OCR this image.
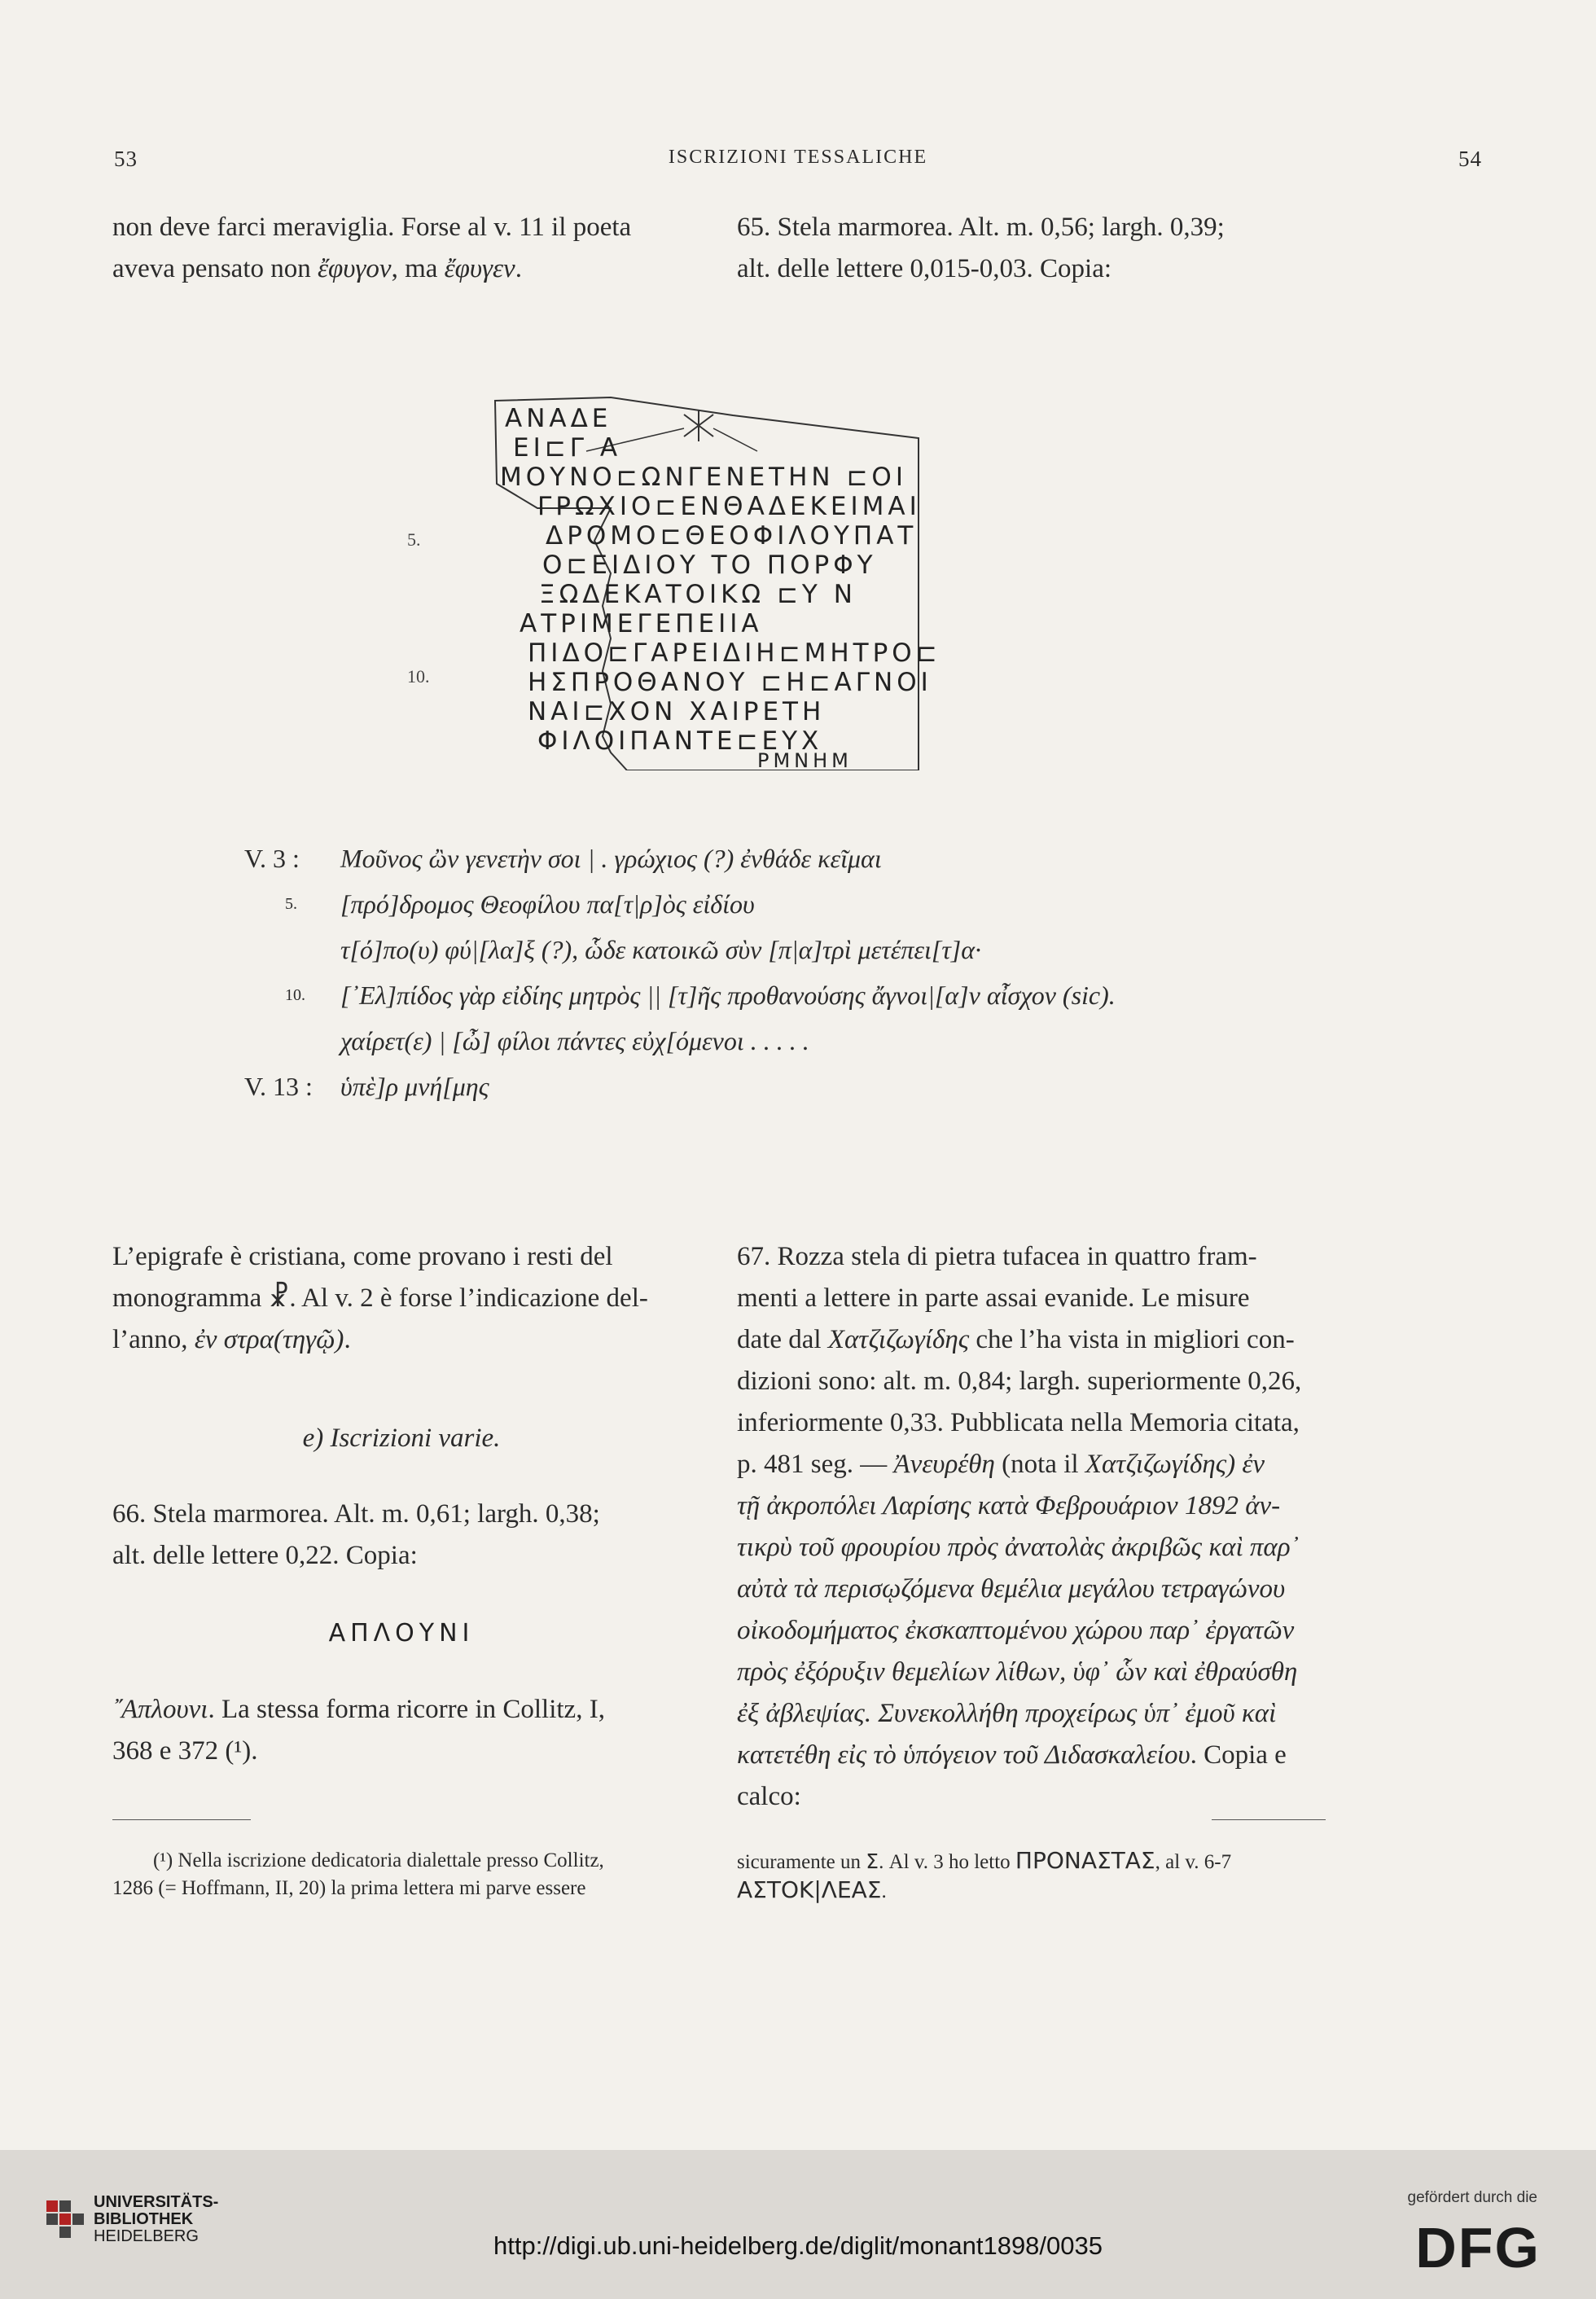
53	ISCRIZIONI TESSALICHE	54

non deve farci meraviglia. Forse al v. 11 il poeta

aveva pensato non ἔφυγον, ma ἔφυγεν.

65. Stela marmorea. Alt. m. 0,56; largh. 0,39;

alt. delle lettere 0,015-0,03. Copia:

ΑΝΑΔΕ
ΕΙ⊏Γ Α
ΜΟΥΝΟ⊏ΩΝΓΕΝΕΤΗΝ ⊏ΟΙ
ΓΡΩΧΙΟ⊏ΕΝΘΑΔΕΚΕΙΜΑΙ
ΔΡΟΜΟ⊏ΘΕΟΦΙΛΟΥΠΑΤ
Ο⊏ΕΙΔΙΟΥ ΤΟ ΠΟΡΦΥ
ΞΩΔΕΚΑΤΟΙΚΩ ⊏Υ Ν
ΑΤΡΙΜΕΓΕΠΕΙΙΑ
ΠΙΔΟ⊏ΓΑΡΕΙΔΙΗ⊏ΜΗΤΡΟ⊏
ΗΣΠΡΟΘΑΝΟΥ ⊏Η⊏ΑΓΝΟΙ
ΝΑΙ⊏ΧΟΝ ΧΑΙΡΕΤΗ
ΦΙΛΟΙΠΑΝΤΕ⊏ΕΥΧ
ΡΜΝΗΜ
5.
10.
V. 3 : Μοῦνος ὢν γενετὴν σοι | . γρώχιος (?) ἐνθάδε κεῖμαι
5. [πρό]δρομος Θεοφίλου πα[τ|ρ]ὸς εἰδίου
τ[ό]πο(υ) φύ|[λα]ξ (?), ὧδε κατοικῶ σὺν [π|α]τρὶ μετέπει[τ]α·
10. [᾿Ελ]πίδος γὰρ εἰδίης μητρὸς || [τ]ῆς προθανούσης ἄγνοι|[α]ν αἶσχον (sic).
χαίρετ(ε) | [ὦ] φίλοι πάντες εὐχ[όμενοι . . . . .
V. 13 : ὑπὲ]ρ μνή[μης

L’epigrafe è cristiana, come provano i resti del

monogramma ☧. Al v. 2 è forse l’indicazione del-

l’anno, ἐν στρα(τηγῷ).

e) Iscrizioni varie.

66. Stela marmorea. Alt. m. 0,61; largh. 0,38;

alt. delle lettere 0,22. Copia:

ΑΠΛΟΥΝΙ

῎Απλουνι. La stessa forma ricorre in Collitz, I,

368 e 372 (¹).

(¹) Nella iscrizione dedicatoria dialettale presso Collitz,
1286 (= Hoffmann, II, 20) la prima lettera mi parve essere

67. Rozza stela di pietra tufacea in quattro fram-

menti a lettere in parte assai evanide. Le misure

date dal Χατζιζωγίδης che l’ha vista in migliori con-

dizioni sono: alt. m. 0,84; largh. superiormente 0,26,

inferiormente 0,33. Pubblicata nella Memoria citata,

p. 481 seg. — Ἀνευρέθη (nota il Χατζιζωγίδης) ἐν

τῇ ἀκροπόλει Λαρίσης κατὰ Φεβρουάριον 1892 ἀν-

τικρὺ τοῦ φρουρίου πρὸς ἀνατολὰς ἀκριβῶς καὶ παρ᾿

αὐτὰ τὰ περισῳζόμενα θεμέλια μεγάλου τετραγώνου

οἰκοδομήματος ἐκσκαπτομένου χώρου παρ᾿ ἐργατῶν

πρὸς ἐξόρυξιν θεμελίων λίθων, ὑφ᾿ ὧν καὶ ἐθραύσθη

ἐξ ἀβλεψίας. Συνεκολλήθη προχείρως ὑπ᾿ ἐμοῦ καὶ

κατετέθη εἰς τὸ ὑπόγειον τοῦ Διδασκαλείου. Copia e

calco:

sicuramente un Σ. Al v. 3 ho letto ΠΡΟΝΑΣΤΑΣ, al v. 6-7
ΑΣΤΟΚ|ΛΕΑΣ.
UNIVERSITÄTS-
BIBLIOTHEK
HEIDELBERG	http://digi.ub.uni-heidelberg.de/diglit/monant1898/0035
gefördert durch die
DFG
